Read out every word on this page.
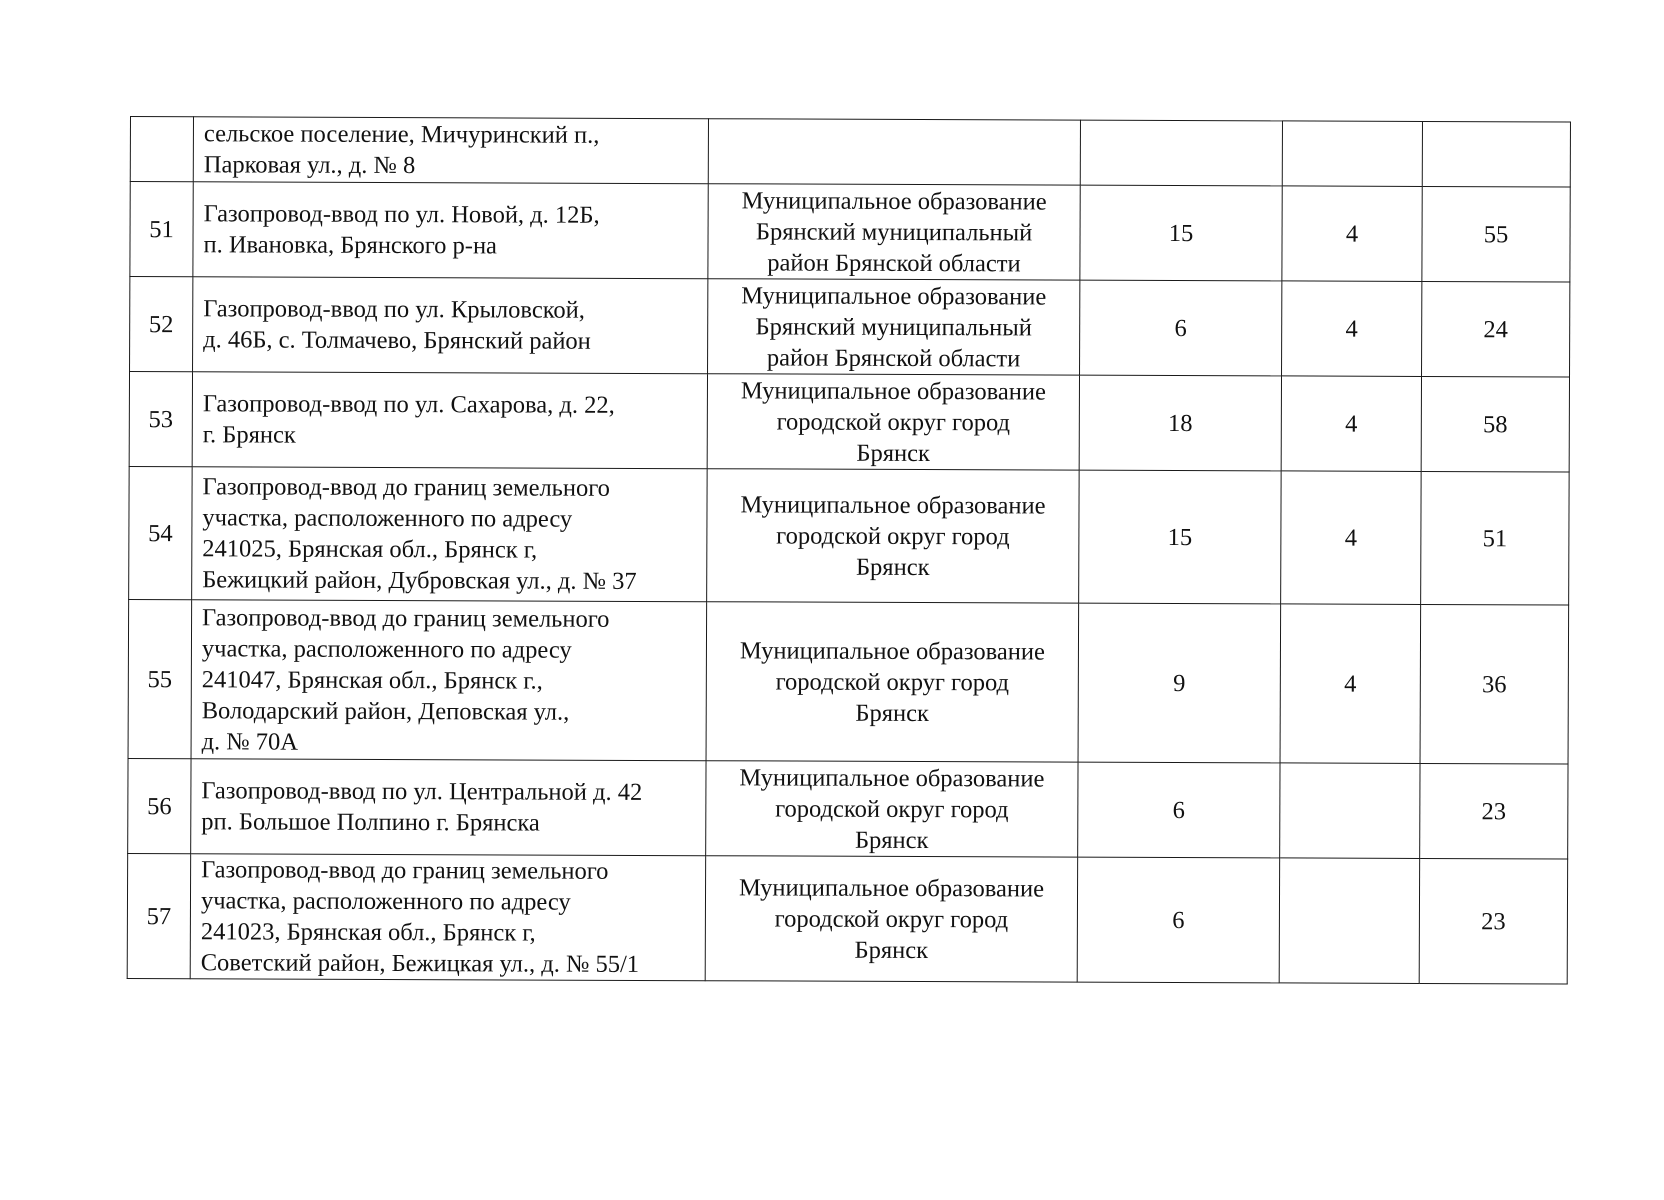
	сельское поселение, Мичуринский п.,
Парковая ул., д. № 8				

51	Газопровод-ввод по ул. Новой, д. 12Б,
п. Ивановка, Брянского р-на	Муниципальное образование
Брянский муниципальный
район Брянской области	15	4	55
52	Газопровод-ввод по ул. Крыловской,
д. 46Б, с. Толмачево, Брянский район	Муниципальное образование
Брянский муниципальный
район Брянской области	6	4	24
53	Газопровод-ввод по ул. Сахарова, д. 22,
г. Брянск	Муниципальное образование
городской округ город
Брянск	18	4	58
54	Газопровод-ввод до границ земельного
участка, расположенного по адресу
241025, Брянская обл., Брянск г,
Бежицкий район, Дубровская ул., д. № 37	Муниципальное образование
городской округ город
Брянск	15	4	51
55	Газопровод-ввод до границ земельного
участка, расположенного по адресу
241047, Брянская обл., Брянск г.,
Володарский район, Деповская ул.,
д. № 70А	Муниципальное образование
городской округ город
Брянск	9	4	36
56	Газопровод-ввод по ул. Центральной д. 42
рп. Большое Полпино г. Брянска	Муниципальное образование
городской округ город
Брянск	6		23
57	Газопровод-ввод до границ земельного
участка, расположенного по адресу
241023, Брянская обл., Брянск г,
Советский район, Бежицкая ул., д. № 55/1	Муниципальное образование
городской округ город
Брянск	6		23
